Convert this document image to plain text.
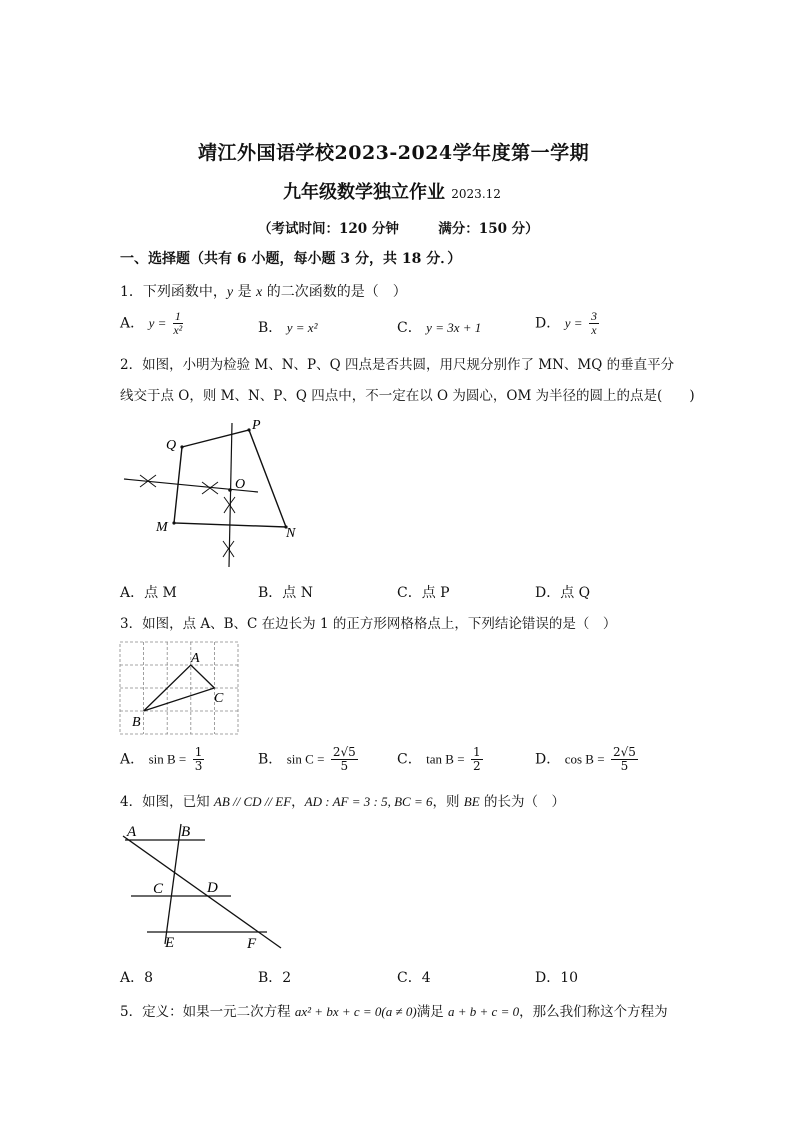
靖江外国语学校2023-2024学年度第一学期
九年级数学独立作业 2023.12
（考试时间：120 分钟	满分：150 分）
一、选择题（共有 6 小题，每小题 3 分，共 18 分．）
1．下列函数中，y 是 x 的二次函数的是（　）
A． $y = \frac{1}{\text{x²}}$	B． y = x²	C． y = 3x + 1	D． $y = \frac{3}{x}$
2．如图，小明为检验 M、N、P、Q 四点是否共圆，用尺规分别作了 MN、MQ 的垂直平分
线交于点 O，则 M、N、P、Q 四点中，不一定在以 O 为圆心，OM 为半径的圆上的点是(　　)
Q
P
O
M	N
A．点 M	B．点 N	C．点 P	D．点 Q
3．如图，点 A、B、C 在边长为 1 的正方形网格格点上，下列结论错误的是（　）
A
B
C
A． $\sin B = \frac{1}{3}$	B． $\sin C = \frac{2√5}{5}$	C． $\tan B = \frac{1}{2}$	D． $\cos B = \frac{2√5}{5}$
4．如图，已知 AB // CD // EF，AD : AF = 3 : 5, BC = 6，则 BE 的长为（　）
A	B
C	D
E	F
A．8	B．2	C．4	D．10
5．定义：如果一元二次方程 ax² + bx + c = 0(a ≠ 0)满足 a + b + c = 0，那么我们称这个方程为
